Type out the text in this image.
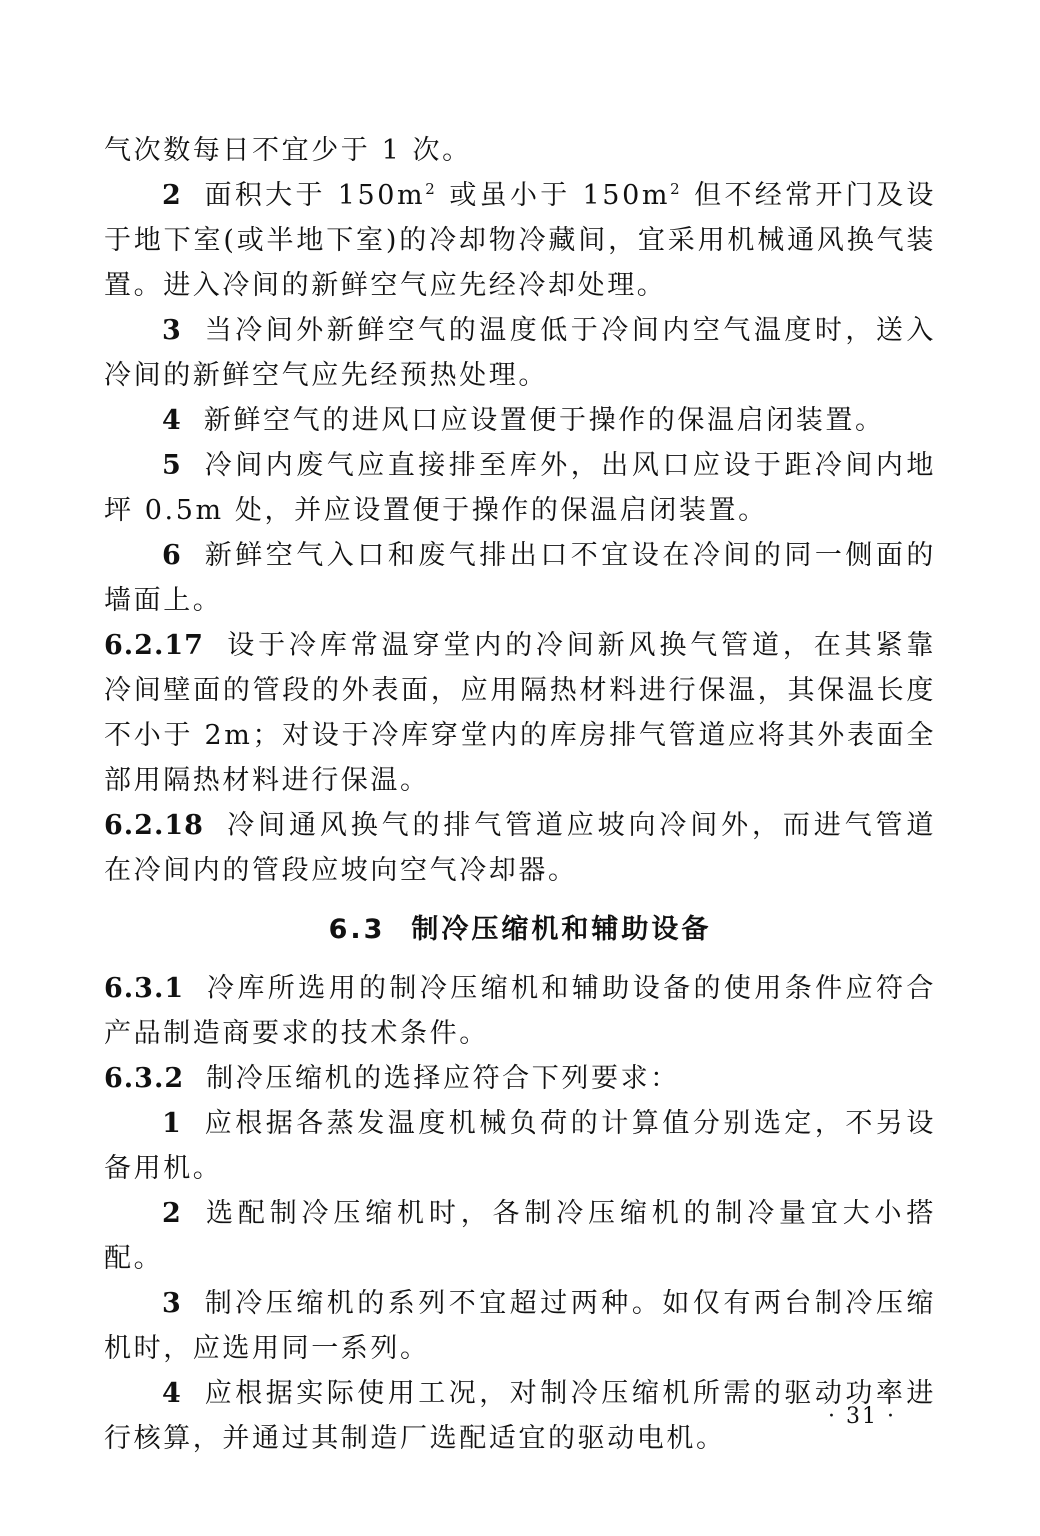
气次数每日不宜少于 1 次。

2 面积大于 $150m^2$ 或虽小于 $150m^2$ 但不经常开门及设于地下室(或半地下室)的冷却物冷藏间，宜采用机械通风换气装置。进入冷间的新鲜空气应先经冷却处理。

3 当冷间外新鲜空气的温度低于冷间内空气温度时，送入冷间的新鲜空气应先经预热处理。

4 新鲜空气的进风口应设置便于操作的保温启闭装置。

5 冷间内废气应直接排至库外，出风口应设于距冷间内地坪 0.5m 处，并应设置便于操作的保温启闭装置。

6 新鲜空气入口和废气排出口不宜设在冷间的同一侧面的墙面上。

6.2.17 设于冷库常温穿堂内的冷间新风换气管道，在其紧靠冷间壁面的管段的外表面，应用隔热材料进行保温，其保温长度不小于 2m；对设于冷库穿堂内的库房排气管道应将其外表面全部用隔热材料进行保温。

6.2.18 冷间通风换气的排气管道应坡向冷间外，而进气管道在冷间内的管段应坡向空气冷却器。

6.3 制冷压缩机和辅助设备

6.3.1 冷库所选用的制冷压缩机和辅助设备的使用条件应符合产品制造商要求的技术条件。

6.3.2 制冷压缩机的选择应符合下列要求：

1 应根据各蒸发温度机械负荷的计算值分别选定，不另设备用机。

2 选配制冷压缩机时，各制冷压缩机的制冷量宜大小搭配。

3 制冷压缩机的系列不宜超过两种。如仅有两台制冷压缩机时，应选用同一系列。

4 应根据实际使用工况，对制冷压缩机所需的驱动功率进行核算，并通过其制造厂选配适宜的驱动电机。

· 31 ·
